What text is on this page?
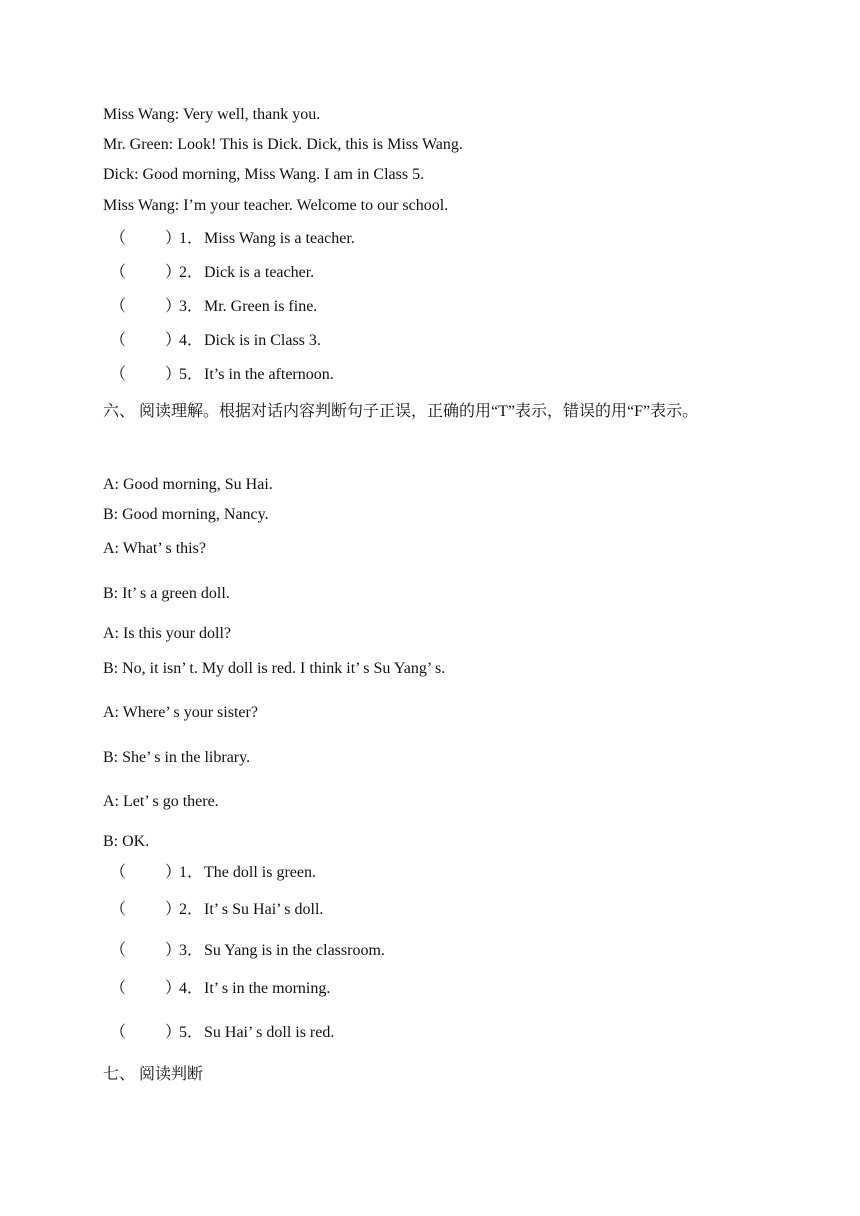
Miss Wang: Very well, thank you.
Mr. Green: Look! This is Dick. Dick, this is Miss Wang.
Dick: Good morning, Miss Wang. I am in Class 5.
Miss Wang: I’m your teacher. Welcome to our school.
（ ）1．Miss Wang is a teacher.
（ ）2．Dick is a teacher.
（ ）3．Mr. Green is fine.
（ ）4．Dick is in Class 3.
（ ）5．It’s in the afternoon.
六、 阅读理解。根据对话内容判断句子正误，正确的用“T”表示，错误的用“F”表示。
A: Good morning, Su Hai.
B: Good morning, Nancy.
A: What’ s this?
B: It’ s a green doll.
A: Is this your doll?
B: No, it isn’ t. My doll is red. I think it’ s Su Yang’ s.
A: Where’ s your sister?
B: She’ s in the library.
A: Let’ s go there.
B: OK.
（ ）1．The doll is green.
（ ）2．It’ s Su Hai’ s doll.
（ ）3．Su Yang is in the classroom.
（ ）4．It’ s in the morning.
（ ）5．Su Hai’ s doll is red.
七、 阅读判断
